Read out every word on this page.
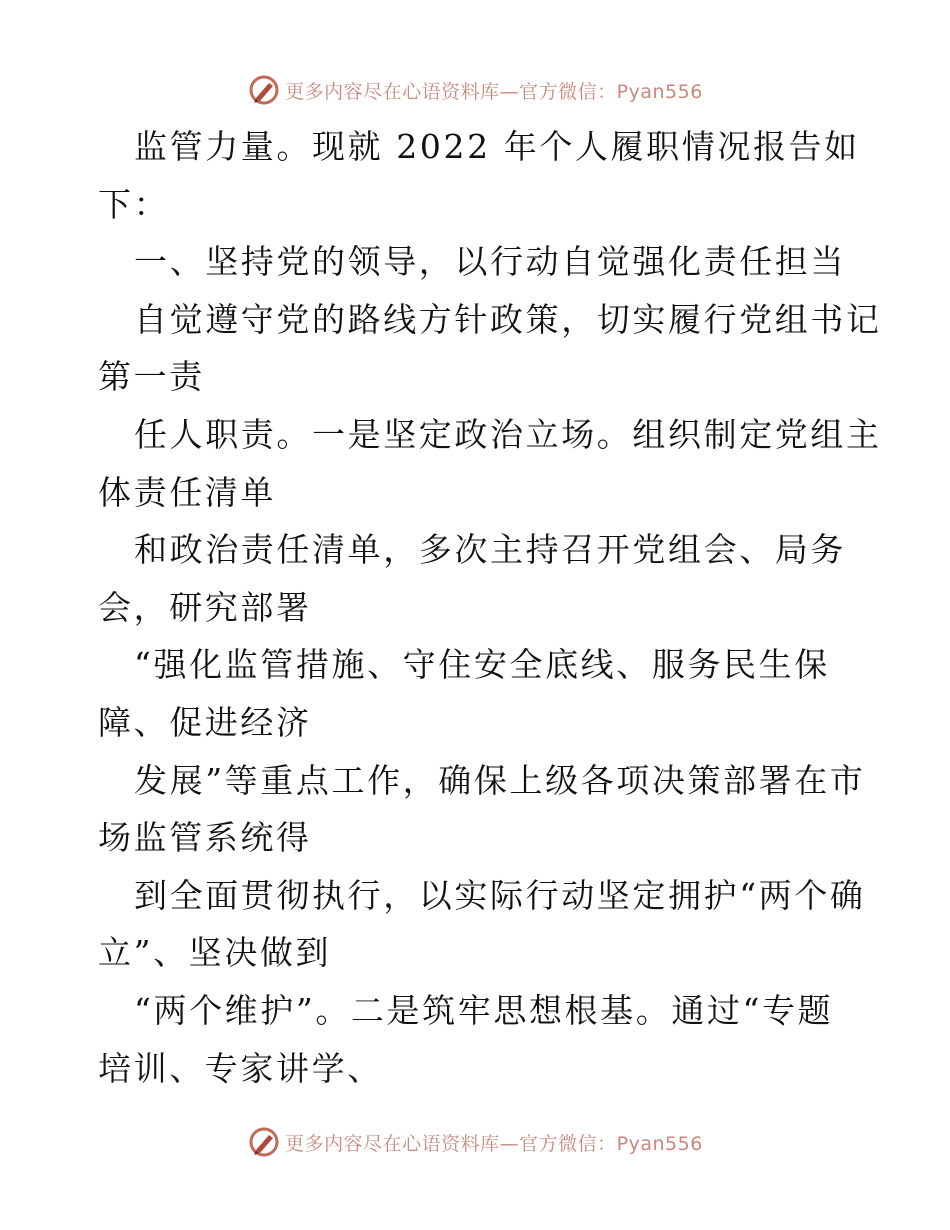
更多内容尽在心语资料库—官方微信：Pyan556
监管力量。现就 2022 年个人履职情况报告如
下：
一、坚持党的领导，以行动自觉强化责任担当
自觉遵守党的路线方针政策，切实履行党组书记
第一责
任人职责。一是坚定政治立场。组织制定党组主
体责任清单
和政治责任清单，多次主持召开党组会、局务
会，研究部署
“强化监管措施、守住安全底线、服务民生保
障、促进经济
发展”等重点工作，确保上级各项决策部署在市
场监管系统得
到全面贯彻执行，以实际行动坚定拥护“两个确
立”、坚决做到
“两个维护”。二是筑牢思想根基。通过“专题
培训、专家讲学、
更多内容尽在心语资料库—官方微信：Pyan556
